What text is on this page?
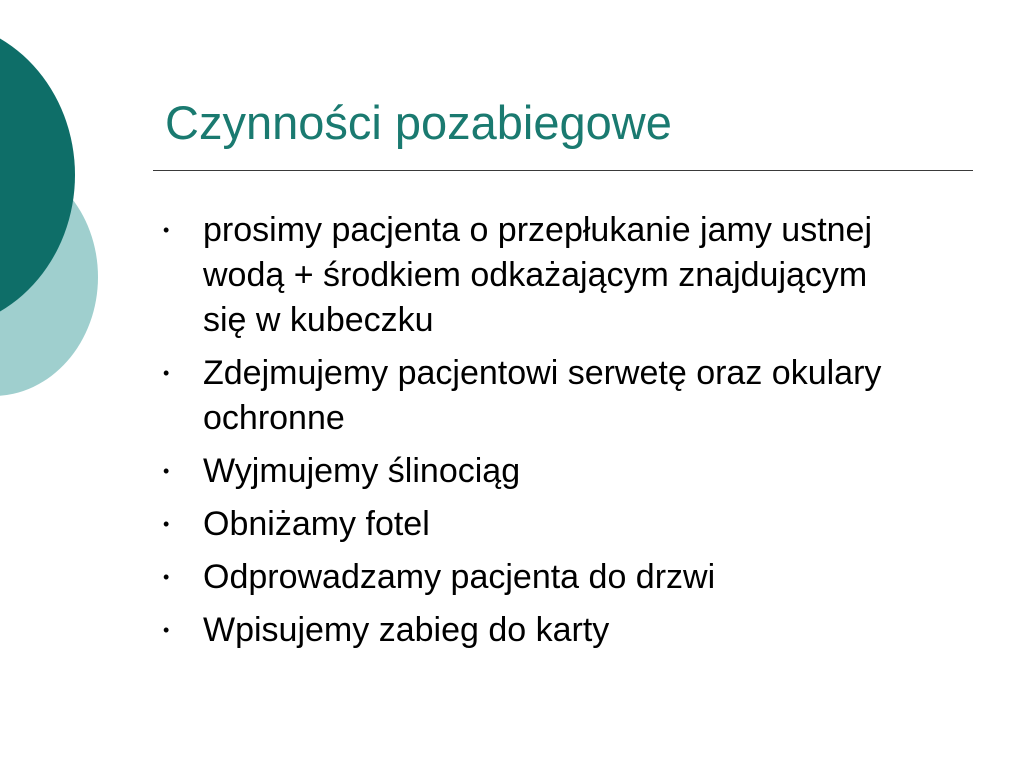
Czynności pozabiegowe
• prosimy pacjenta o przepłukanie jamy ustnej wodą + środkiem odkażającym znajdującym się w kubeczku
• Zdejmujemy pacjentowi serwetę oraz okulary ochronne
• Wyjmujemy ślinociąg
• Obniżamy fotel
• Odprowadzamy pacjenta do drzwi
• Wpisujemy zabieg do karty
